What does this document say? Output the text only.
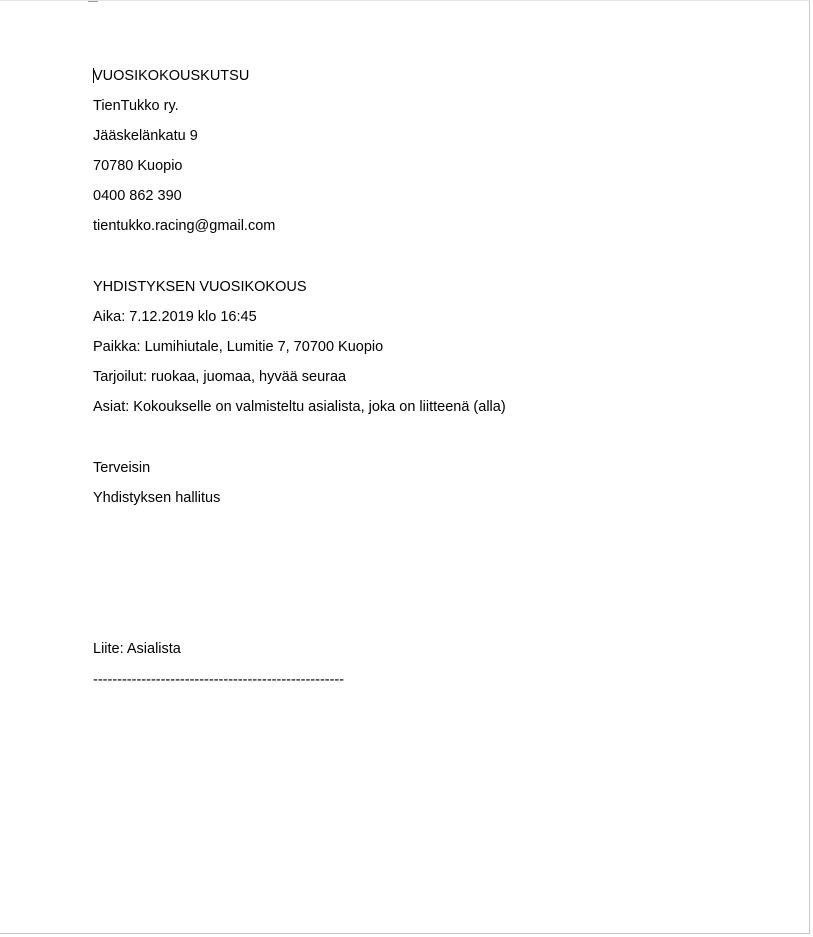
VUOSIKOKOUSKUTSU
TienTukko ry.
Jääskelänkatu 9
70780 Kuopio
0400 862 390
tientukko.racing@gmail.com
YHDISTYKSEN VUOSIKOKOUS
Aika: 7.12.2019 klo 16:45
Paikka: Lumihiutale, Lumitie 7, 70700 Kuopio
Tarjoilut: ruokaa, juomaa, hyvää seuraa
Asiat: Kokoukselle on valmisteltu asialista, joka on liitteenä (alla)
Terveisin
Yhdistyksen hallitus
Liite: Asialista
----------------------------------------------------
